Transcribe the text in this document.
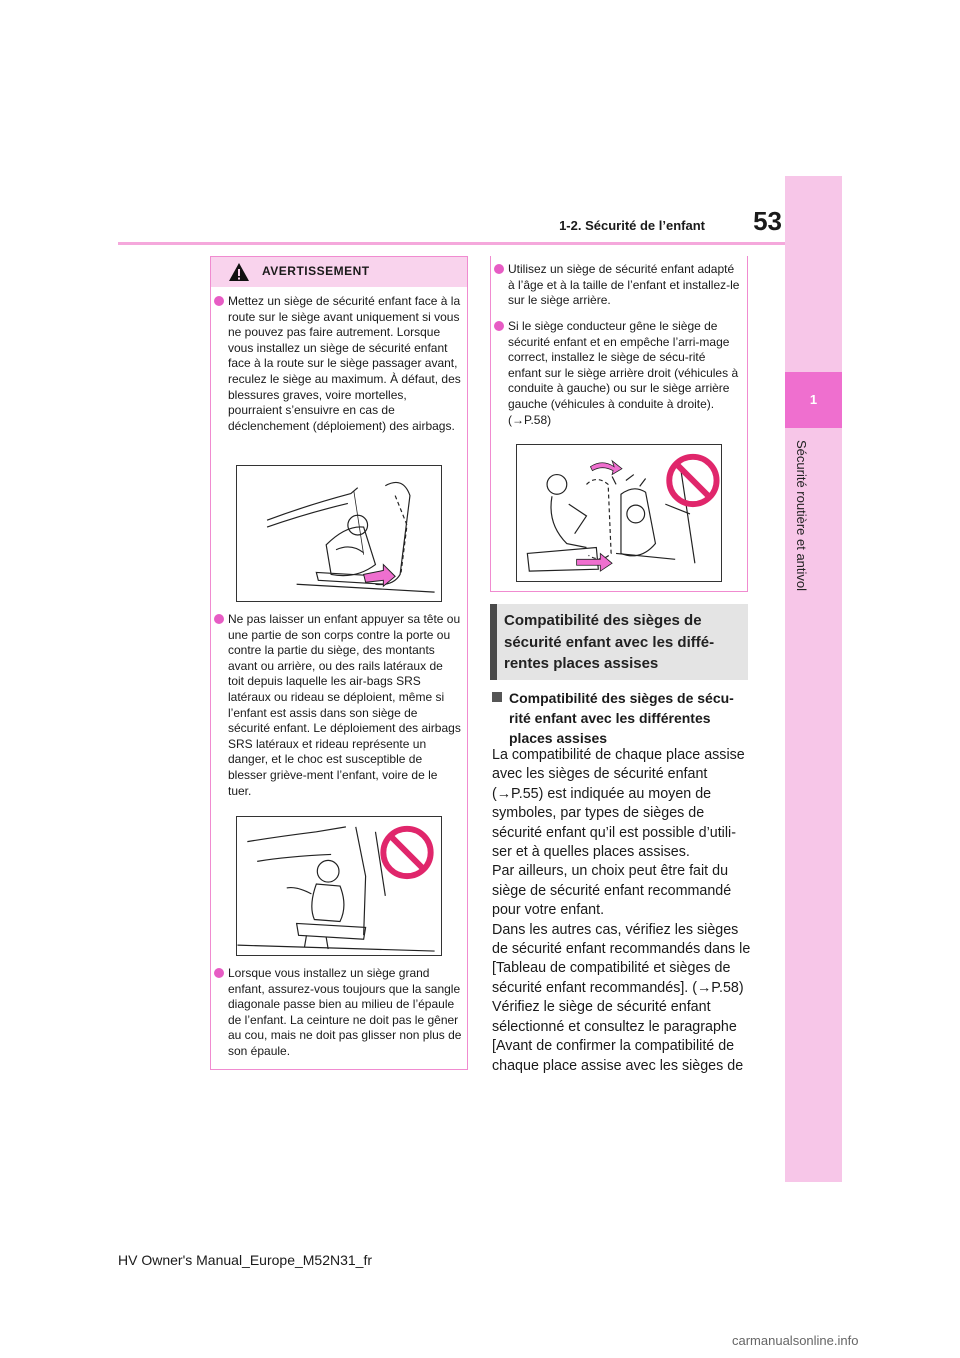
53
1-2. Sécurité de l’enfant
1
Sécurité routière et antivol
AVERTISSEMENT
Mettez un siège de sécurité enfant face à la route sur le siège avant uniquement si vous ne pouvez pas faire autrement. Lorsque vous installez un siège de sécurité enfant face à la route sur le siège passager avant, reculez le siège au maximum. À défaut, des blessures graves, voire mortelles, pourraient s’ensuivre en cas de déclenchement (déploiement) des airbags.
Ne pas laisser un enfant appuyer sa tête ou une partie de son corps contre la porte ou contre la partie du siège, des montants avant ou arrière, ou des rails latéraux de toit depuis laquelle les air-bags SRS latéraux ou rideau se déploient, même si l’enfant est assis dans son siège de sécurité enfant. Le déploiement des airbags SRS latéraux et rideau représente un danger, et le choc est susceptible de blesser griève-ment l’enfant, voire de le tuer.
Lorsque vous installez un siège grand enfant, assurez-vous toujours que la sangle diagonale passe bien au milieu de l’épaule de l’enfant. La ceinture ne doit pas le gêner au cou, mais ne doit pas glisser non plus de son épaule.
Utilisez un siège de sécurité enfant adapté à l’âge et à la taille de l’enfant et installez-le sur le siège arrière.
Si le siège conducteur gêne le siège de sécurité enfant et en empêche l’arri-mage correct, installez le siège de sécu-rité enfant sur le siège arrière droit (véhicules à conduite à gauche) ou sur le siège arrière gauche (véhicules à conduite à droite). (→P.58)
Compatibilité des sièges de sécurité enfant avec les diffé-rentes places assises
Compatibilité des sièges de sécu-rité enfant avec les différentes places assises

La compatibilité de chaque place assise avec les sièges de sécurité enfant (→P.55) est indiquée au moyen de symboles, par types de sièges de sécurité enfant qu’il est possible d’utili-ser et à quelles places assises.

Par ailleurs, un choix peut être fait du siège de sécurité enfant recommandé pour votre enfant.

Dans les autres cas, vérifiez les sièges de sécurité enfant recommandés dans le [Tableau de compatibilité et sièges de sécurité enfant recommandés]. (→P.58)

Vérifiez le siège de sécurité enfant sélectionné et consultez le paragraphe [Avant de confirmer la compatibilité de chaque place assise avec les sièges de

HV Owner's Manual_Europe_M52N31_fr
carmanualsonline.info
